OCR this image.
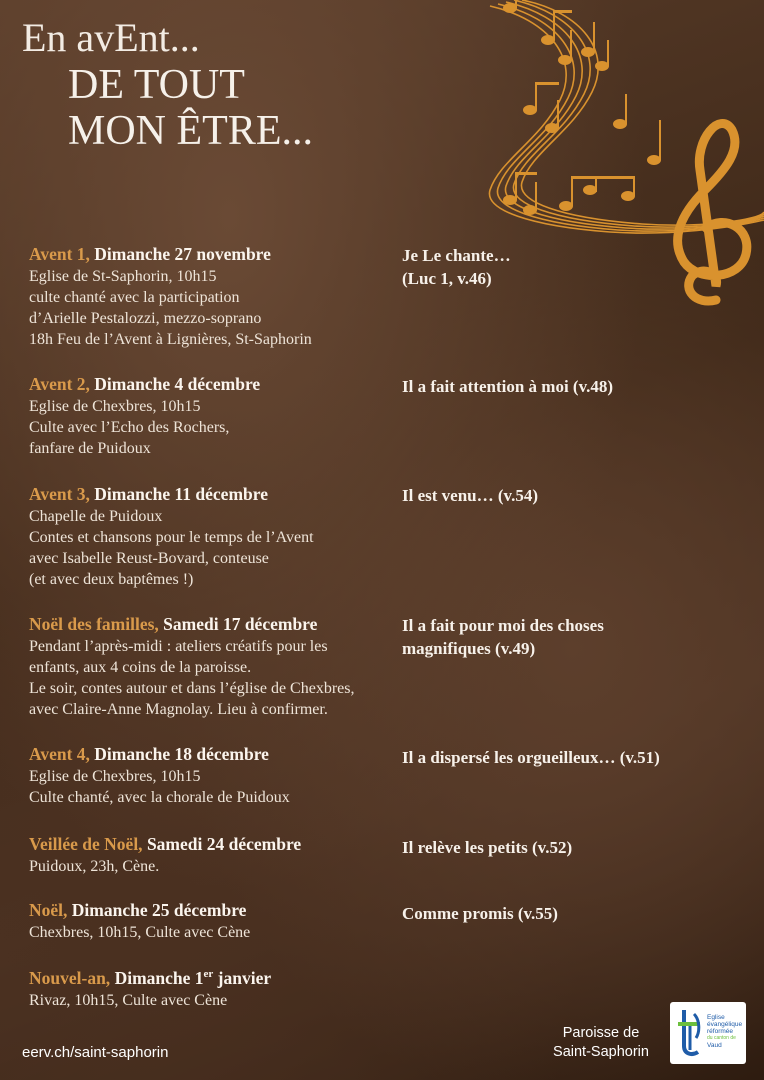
En avEnt...
DE TOUT
MON ÊTRE...
Avent 1, Dimanche 27 novembre
Eglise de St-Saphorin, 10h15
culte chanté avec la participation
d’Arielle Pestalozzi, mezzo-soprano
18h Feu de l’Avent à Lignières, St-Saphorin
Je Le chante…
(Luc 1, v.46)
Avent 2, Dimanche 4 décembre
Eglise de Chexbres, 10h15
Culte avec l’Echo des Rochers,
fanfare de Puidoux
Il a fait attention à moi (v.48)
Avent 3, Dimanche 11 décembre
Chapelle de Puidoux
Contes et chansons pour le temps de l’Avent
avec Isabelle Reust-Bovard, conteuse
(et avec deux baptêmes !)
Il est venu… (v.54)
Noël des familles, Samedi 17 décembre
Pendant l’après-midi : ateliers créatifs pour les
enfants, aux 4 coins de la paroisse.
Le soir, contes autour et dans l’église de Chexbres,
avec Claire-Anne Magnolay. Lieu à confirmer.
Il a fait pour moi des choses
magnifiques (v.49)
Avent 4, Dimanche 18 décembre
Eglise de Chexbres, 10h15
Culte chanté, avec la chorale de Puidoux
Il a dispersé les orgueilleux… (v.51)
Veillée de Noël, Samedi 24 décembre
Puidoux, 23h, Cène.
Il relève les petits (v.52)
Noël, Dimanche 25 décembre
Chexbres, 10h15, Culte avec Cène
Comme promis (v.55)
Nouvel-an, Dimanche 1er janvier
Rivaz, 10h15, Culte avec Cène
eerv.ch/saint-saphorin
Paroisse de
Saint-Saphorin
Eglise
évangélique
réformée
du canton de
Vaud
